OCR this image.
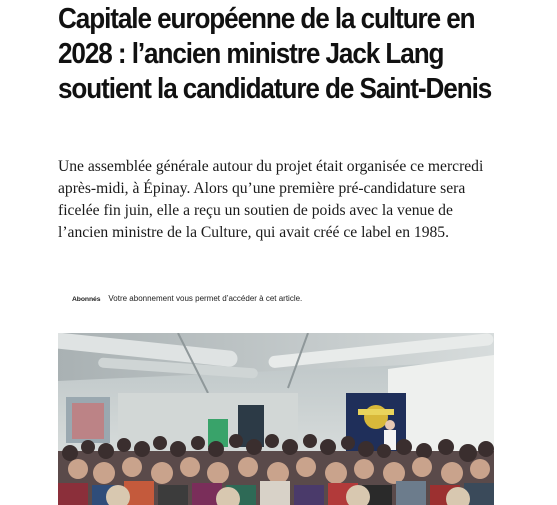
Capitale européenne de la culture en 2028 : l’ancien ministre Jack Lang soutient la candidature de Saint-Denis

Une assemblée générale autour du projet était organisée ce mercredi après-midi, à Épinay. Alors qu’une première pré-candidature sera ficelée fin juin, elle a reçu un soutien de poids avec la venue de l’ancien ministre de la Culture, qui avait créé ce label en 1985.

Abonnés Votre abonnement vous permet d’accéder à cet article.
